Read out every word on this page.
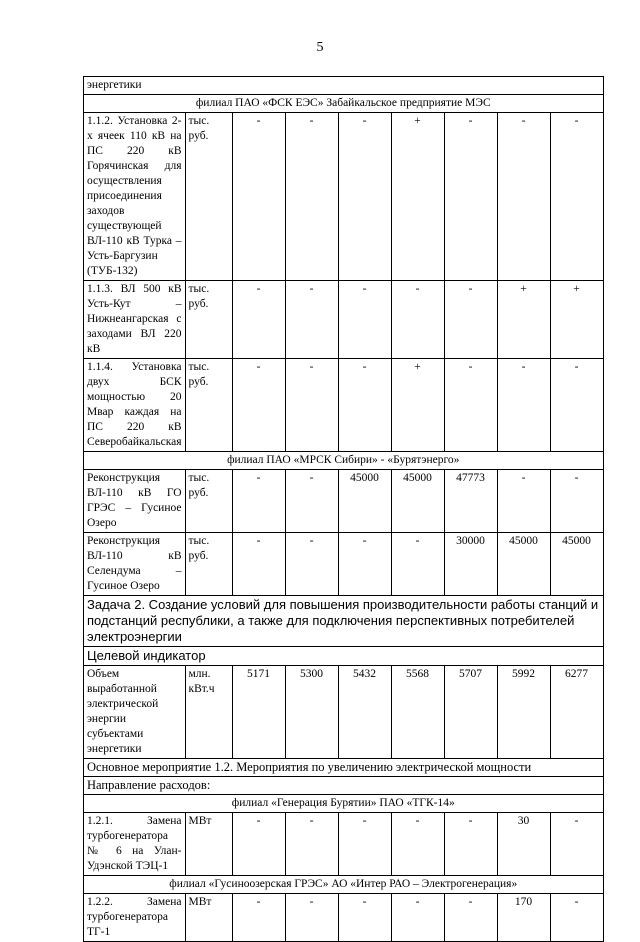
5
энергетики								
филиал ПАО «ФСК ЕЭС» Забайкальское предприятие МЭС								
1.1.2. Установка 2-х ячеек 110 кВ на ПС 220 кВ Горячинская для осуществления присоединения заходов существующей ВЛ-110 кВ Турка – Усть-Баргузин (ТУБ-132)	тыс. руб.	-	-	-	+	-	-	-
1.1.3. ВЛ 500 кВ Усть-Кут – Нижнеангарская с заходами ВЛ 220 кВ	тыс. руб.	-	-	-	-	-	+	+
1.1.4. Установка двух БСК мощностью 20 Мвар каждая на ПС 220 кВ Северобайкальская	тыс. руб.	-	-	-	+	-	-	-
филиал ПАО «МРСК Сибири» - «Бурятэнерго»								
Реконструкция ВЛ-110 кВ ГО ГРЭС – Гусиное Озеро	тыс. руб.	-	-	45000	45000	47773	-	-
Реконструкция ВЛ-110 кВ Селендума – Гусиное Озеро	тыс. руб.	-	-	-	-	30000	45000	45000
Задача 2. Создание условий для повышения производительности работы станций и подстанций республики, а также для подключения перспективных потребителей электроэнергии								
Целевой индикатор								
Объем выработанной электрической энергии субъектами энергетики	млн. кВт.ч	5171	5300	5432	5568	5707	5992	6277
Основное мероприятие 1.2. Мероприятия по увеличению электрической мощности								
Направление расходов:								
филиал «Генерация Бурятии» ПАО «ТГК-14»								
1.2.1. Замена турбогенератора № 6 на Улан-Удэнской ТЭЦ-1	МВт	-	-	-	-	-	30	-
филиал «Гусиноозерская ГРЭС» АО «Интер РАО – Электрогенерация»								
1.2.2. Замена турбогенератора ТГ-1	МВт	-	-	-	-	-	170	-
